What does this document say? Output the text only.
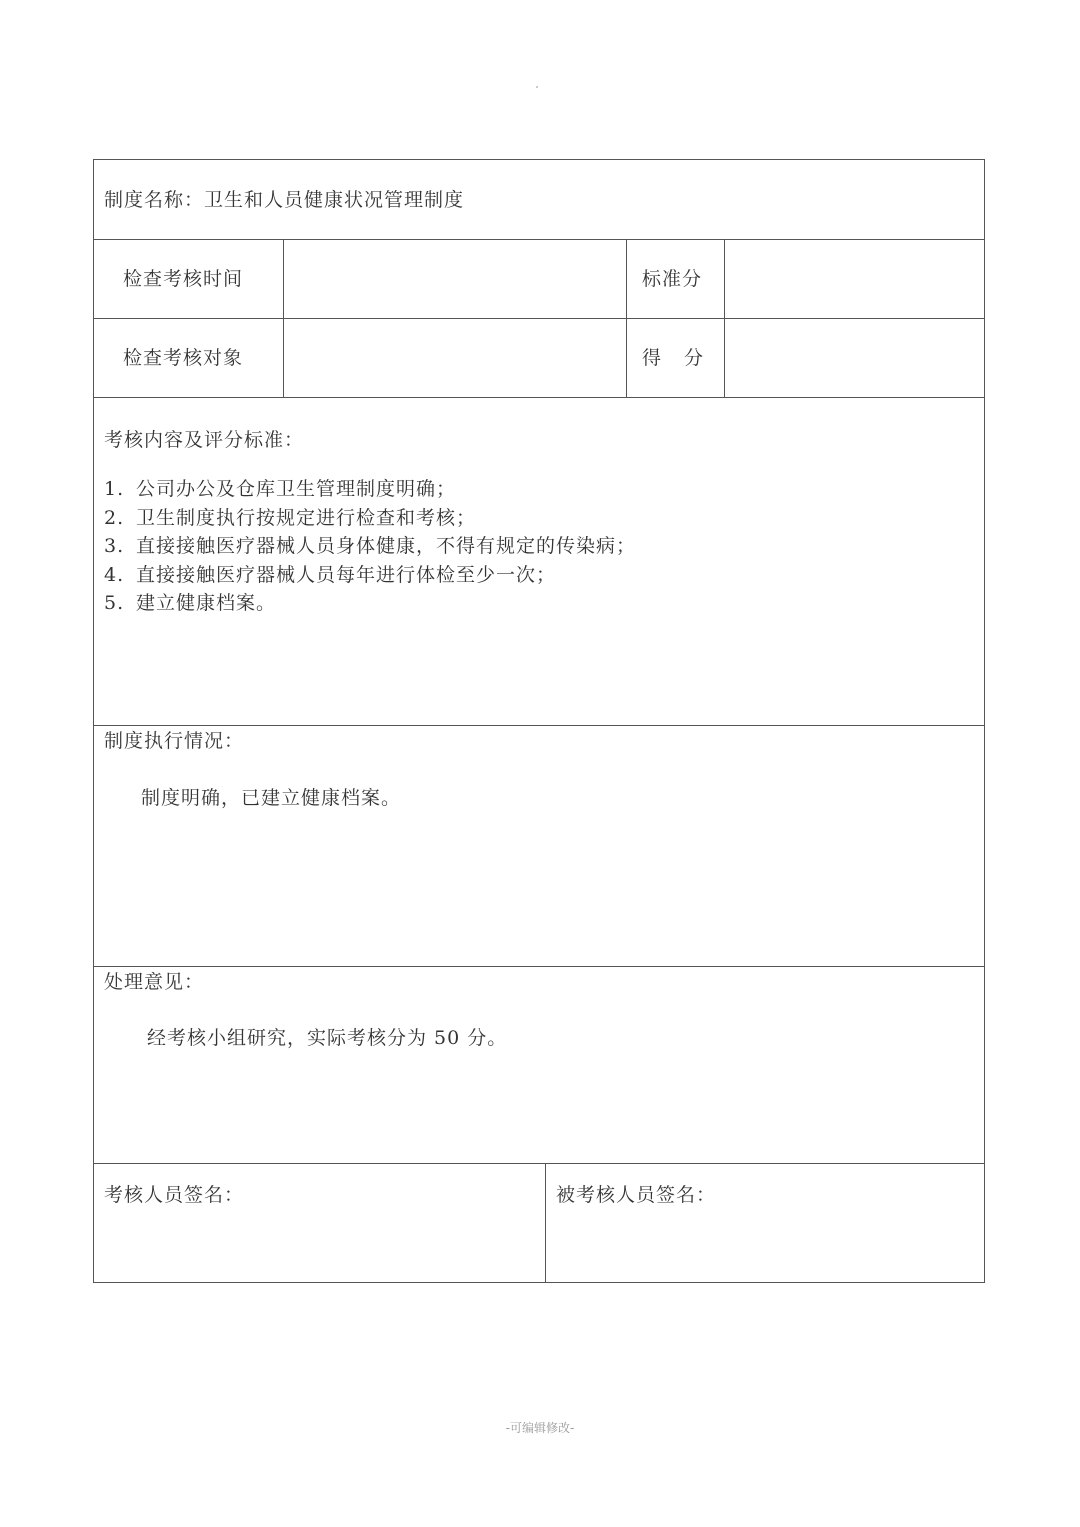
制度名称：卫生和人员健康状况管理制度
检查考核时间	标准分
检查考核对象	得　分
考核内容及评分标准：
1. 公司办公及仓库卫生管理制度明确；
2. 卫生制度执行按规定进行检查和考核；
3. 直接接触医疗器械人员身体健康，不得有规定的传染病；
4. 直接接触医疗器械人员每年进行体检至少一次；
5. 建立健康档案。
制度执行情况：
制度明确，已建立健康档案。
处理意见：
经考核小组研究，实际考核分为 50 分。
考核人员签名：	被考核人员签名：
-可编辑修改-
